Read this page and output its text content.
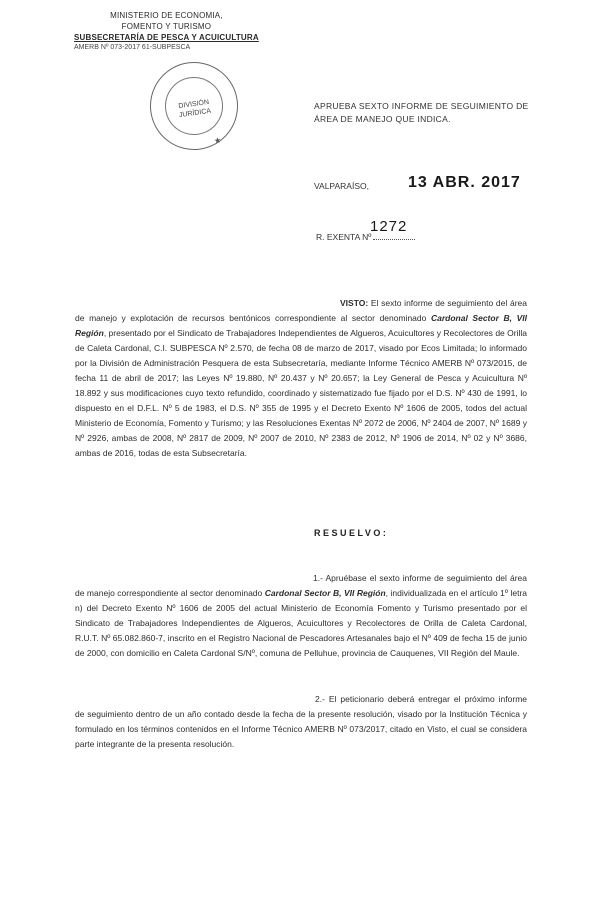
MINISTERIO DE ECONOMIA,
FOMENTO Y TURISMO
SUBSECRETARÍA DE PESCA Y ACUICULTURA
AMERB Nº 073-2017 61-SUBPESCA
DIVISIÓN
JURÍDICA
★
APRUEBA SEXTO INFORME DE SEGUIMIENTO DE ÁREA DE MANEJO QUE INDICA.
VALPARAÍSO, 13 ABR. 2017
R. EXENTA Nº
1272
VISTO: El sexto informe de seguimiento del área de manejo y explotación de recursos bentónicos correspondiente al sector denominado Cardonal Sector B, VII Región, presentado por el Sindicato de Trabajadores Independientes de Algueros, Acuicultores y Recolectores de Orilla de Caleta Cardonal, C.I. SUBPESCA Nº 2.570, de fecha 08 de marzo de 2017, visado por Ecos Limitada; lo informado por la División de Administración Pesquera de esta Subsecretaría, mediante Informe Técnico AMERB Nº 073/2015, de fecha 11 de abril de 2017; las Leyes Nº 19.880, Nº 20.437 y Nº 20.657; la Ley General de Pesca y Acuicultura Nº 18.892 y sus modificaciones cuyo texto refundido, coordinado y sistematizado fue fijado por el D.S. Nº 430 de 1991, lo dispuesto en el D.F.L. Nº 5 de 1983, el D.S. Nº 355 de 1995 y el Decreto Exento Nº 1606 de 2005, todos del actual Ministerio de Economía, Fomento y Turismo; y las Resoluciones Exentas Nº 2072 de 2006, Nº 2404 de 2007, Nº 1689 y Nº 2926, ambas de 2008, Nº 2817 de 2009, Nº 2007 de 2010, Nº 2383 de 2012, Nº 1906 de 2014, Nº 02 y Nº 3686, ambas de 2016, todas de esta Subsecretaría.
RESUELVO:
1.- Apruébase el sexto informe de seguimiento del área de manejo correspondiente al sector denominado Cardonal Sector B, VII Región, individualizada en el artículo 1º letra n) del Decreto Exento Nº 1606 de 2005 del actual Ministerio de Economía Fomento y Turismo presentado por el Sindicato de Trabajadores Independientes de Algueros, Acuicultores y Recolectores de Orilla de Caleta Cardonal, R.U.T. Nº 65.082.860-7, inscrito en el Registro Nacional de Pescadores Artesanales bajo el Nº 409 de fecha 15 de junio de 2000, con domicilio en Caleta Cardonal S/Nº, comuna de Pelluhue, provincia de Cauquenes, VII Región del Maule.
2.- El peticionario deberá entregar el próximo informe de seguimiento dentro de un año contado desde la fecha de la presente resolución, visado por la Institución Técnica y formulado en los términos contenidos en el Informe Técnico AMERB Nº 073/2017, citado en Visto, el cual se considera parte integrante de la presenta resolución.
